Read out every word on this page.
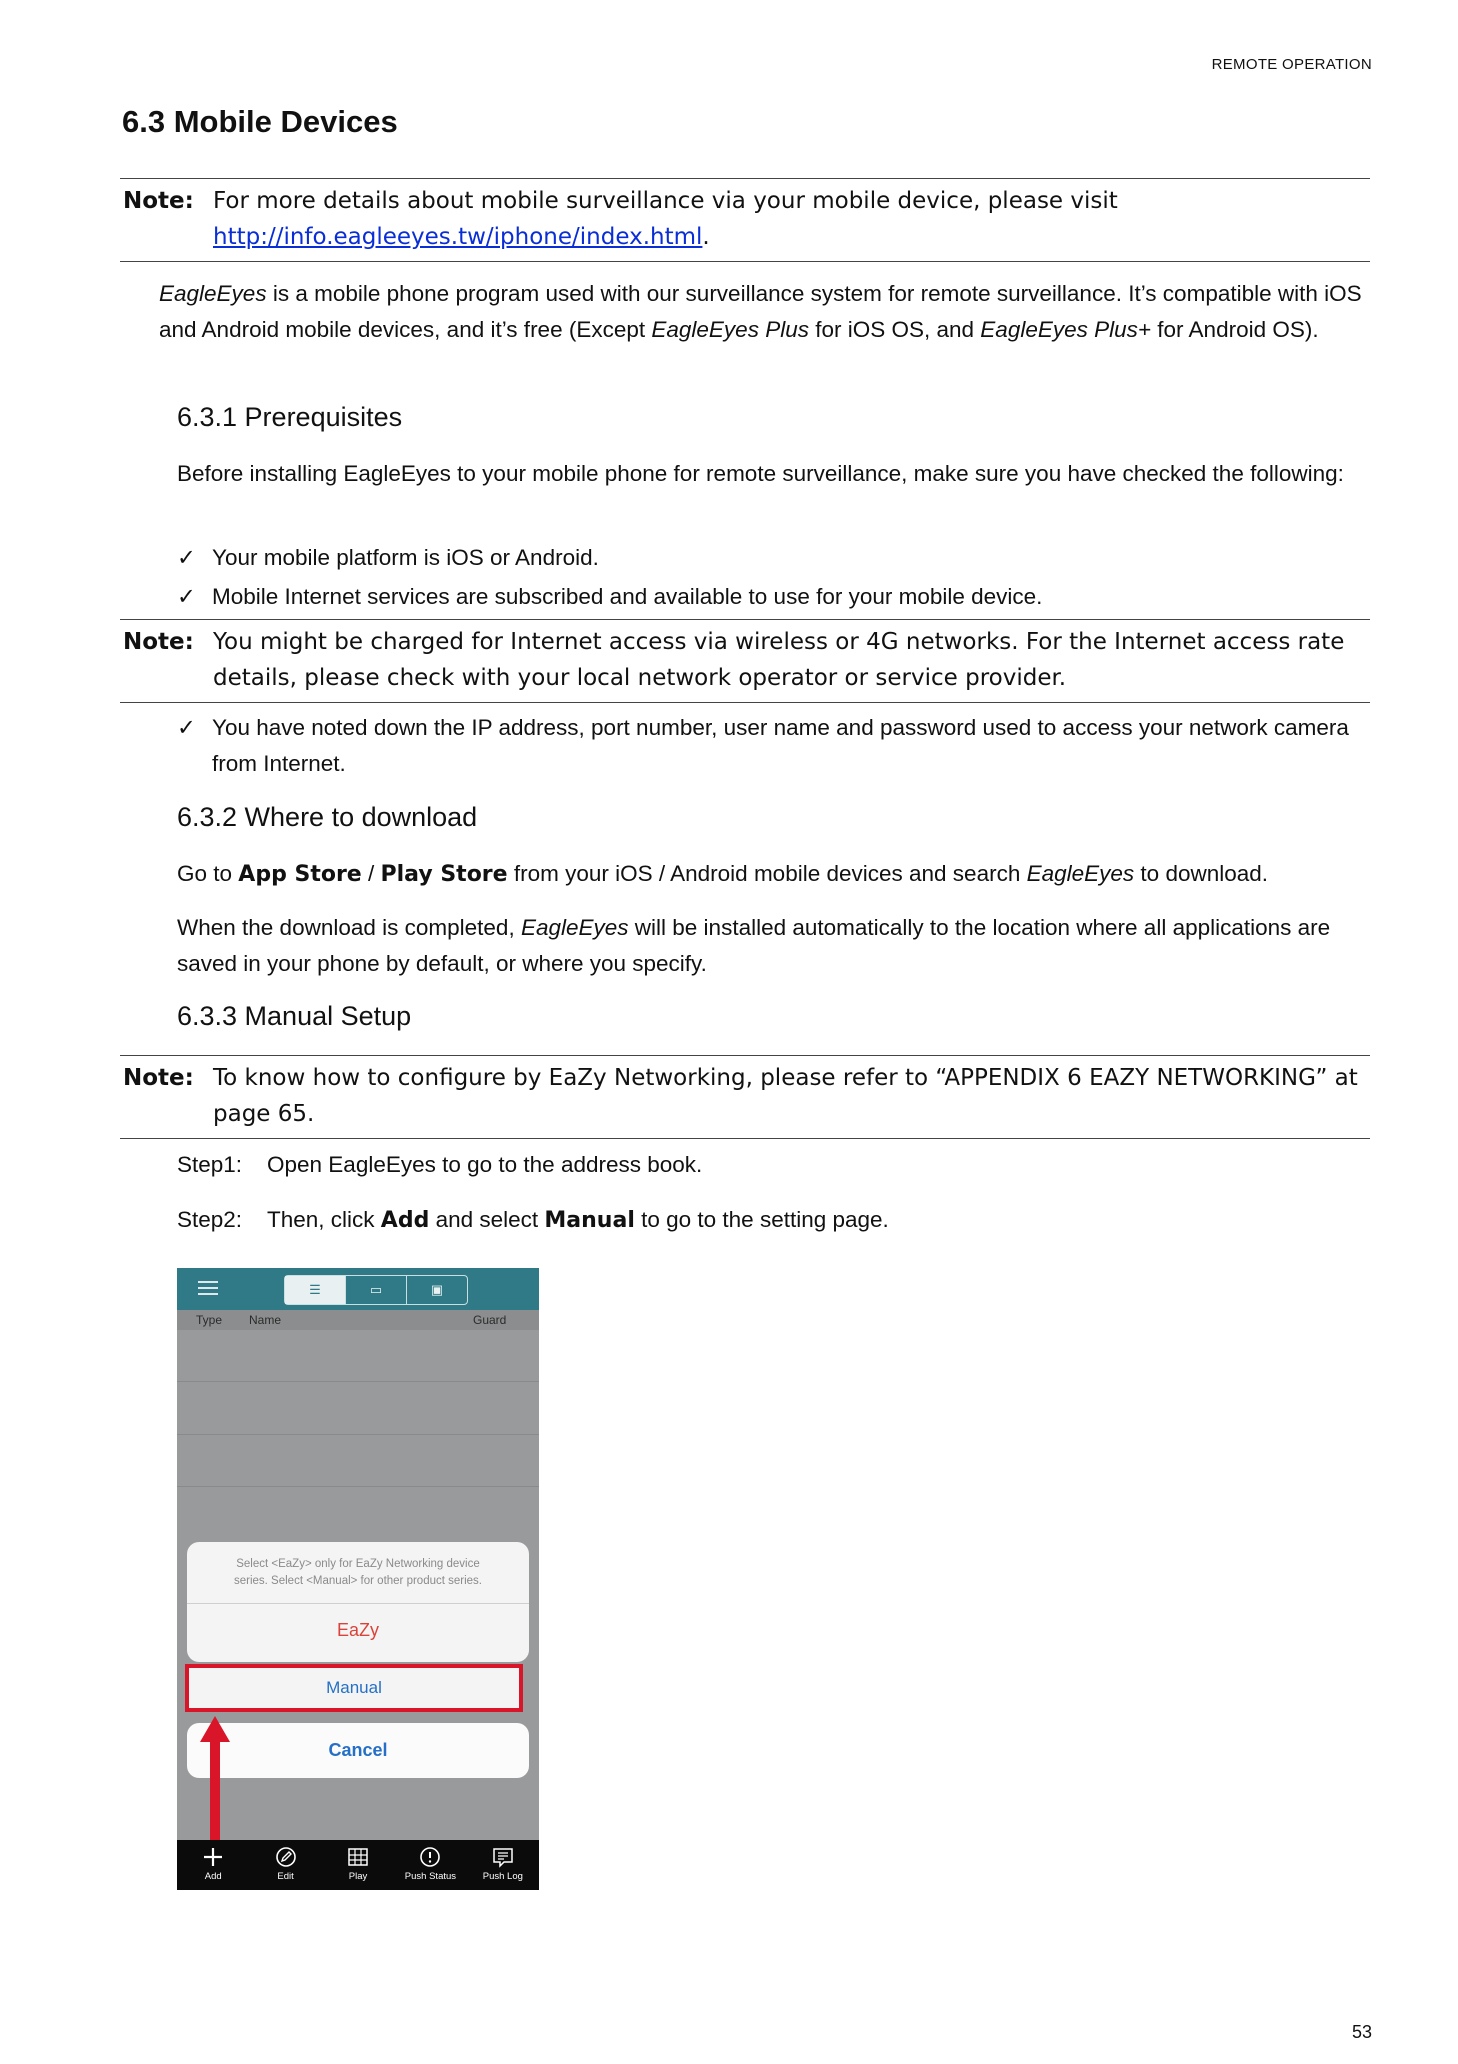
REMOTE OPERATION
6.3 Mobile Devices
Note: For more details about mobile surveillance via your mobile device, please visit
http://info.eagleeyes.tw/iphone/index.html.
EagleEyes is a mobile phone program used with our surveillance system for remote surveillance. It’s compatible with iOS and Android mobile devices, and it’s free (Except EagleEyes Plus for iOS OS, and EagleEyes Plus+ for Android OS).
6.3.1 Prerequisites
Before installing EagleEyes to your mobile phone for remote surveillance, make sure you have checked the following:
✓ Your mobile platform is iOS or Android.
✓ Mobile Internet services are subscribed and available to use for your mobile device.
Note: You might be charged for Internet access via wireless or 4G networks. For the Internet access rate details, please check with your local network operator or service provider.
✓ You have noted down the IP address, port number, user name and password used to access your network camera from Internet.
6.3.2 Where to download
Go to App Store / Play Store from your iOS / Android mobile devices and search EagleEyes to download.
When the download is completed, EagleEyes will be installed automatically to the location where all applications are saved in your phone by default, or where you specify.
6.3.3 Manual Setup
Note: To know how to configure by EaZy Networking, please refer to “APPENDIX 6 EAZY NETWORKING” at page 65.
Step1: Open EagleEyes to go to the address book.
Step2: Then, click Add and select Manual to go to the setting page.
☰	▭	▣
Type Name	Guard
Select <EaZy> only for EaZy Networking device
series. Select <Manual> for other product series.
EaZy
Manual
Cancel
Add	Edit	Play	Push Status	Push Log
53
